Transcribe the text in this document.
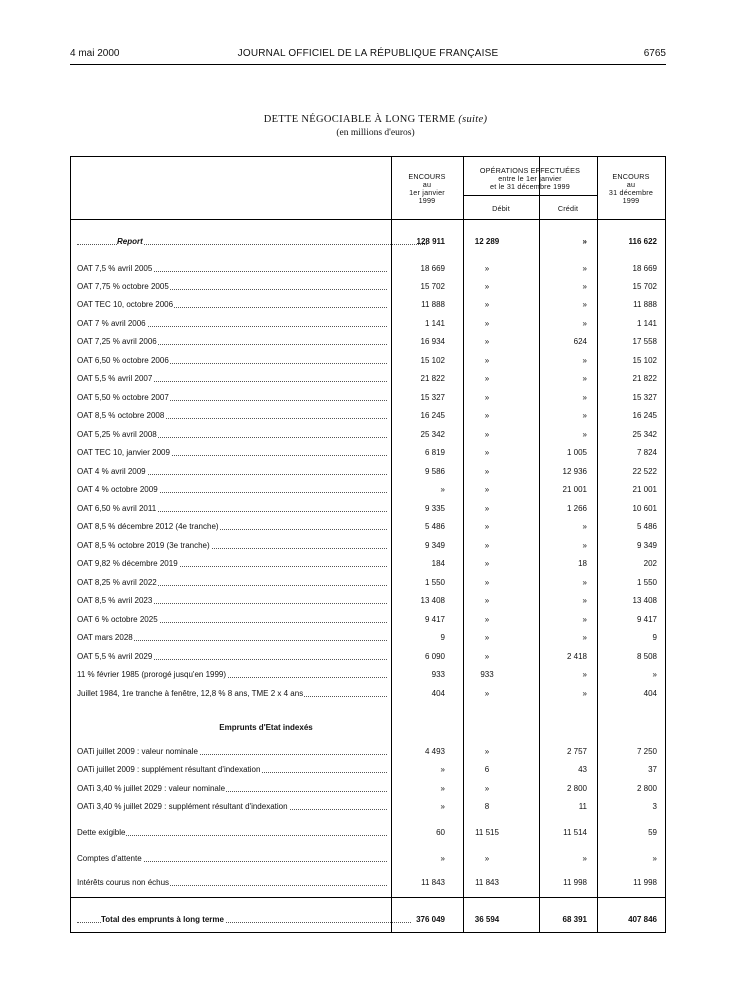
4 mai 2000	JOURNAL OFFICIEL DE LA RÉPUBLIQUE FRANÇAISE	6765
DETTE NÉGOCIABLE À LONG TERME (suite)
(en millions d'euros)
ENCOURS
au
1er janvier
1999
OPÉRATIONS EFFECTUÉES
entre le 1er janvier
et le 31 décembre 1999
Débit	Crédit
ENCOURS
au
31 décembre
1999
Report	128 911	12 289	»	116 622
OAT 7,5 % avril 2005	18 669	»	»	18 669
OAT 7,75 % octobre 2005	15 702	»	»	15 702
OAT TEC 10, octobre 2006	11 888	»	»	11 888
OAT 7 % avril 2006	1 141	»	»	1 141
OAT 7,25 % avril 2006	16 934	»	624	17 558
OAT 6,50 % octobre 2006	15 102	»	»	15 102
OAT 5,5 % avril 2007	21 822	»	»	21 822
OAT 5,50 % octobre 2007	15 327	»	»	15 327
OAT 8,5 % octobre 2008	16 245	»	»	16 245
OAT 5,25 % avril 2008	25 342	»	»	25 342
OAT TEC 10, janvier 2009	6 819	»	1 005	7 824
OAT 4 % avril 2009	9 586	»	12 936	22 522
OAT 4 % octobre 2009	»	»	21 001	21 001
OAT 6,50 % avril 2011	9 335	»	1 266	10 601
OAT 8,5 % décembre 2012 (4e tranche)	5 486	»	»	5 486
OAT 8,5 % octobre 2019 (3e tranche)	9 349	»	»	9 349
OAT 9,82 % décembre 2019	184	»	18	202
OAT 8,25 % avril 2022	1 550	»	»	1 550
OAT 8,5 % avril 2023	13 408	»	»	13 408
OAT 6 % octobre 2025	9 417	»	»	9 417
OAT mars 2028	9	»	»	9
OAT 5,5 % avril 2029	6 090	»	2 418	8 508
11 % février 1985 (prorogé jusqu'en 1999)	933	933	»	»
Juillet 1984, 1re tranche à fenêtre, 12,8 % 8 ans, TME 2 x 4 ans	404	»	»	404
Emprunts d'Etat indexés
OATi juillet 2009 : valeur nominale	4 493	»	2 757	7 250
OATi juillet 2009 : supplément résultant d'indexation	»	6	43	37
OATi 3,40 % juillet 2029 : valeur nominale	»	»	2 800	2 800
OATi 3,40 % juillet 2029 : supplément résultant d'indexation	»	8	11	3
Dette exigible	60	11 515	11 514	59
Comptes d'attente	»	»	»	»
Intérêts courus non échus	11 843	11 843	11 998	11 998
Total des emprunts à long terme	376 049	36 594	68 391	407 846
